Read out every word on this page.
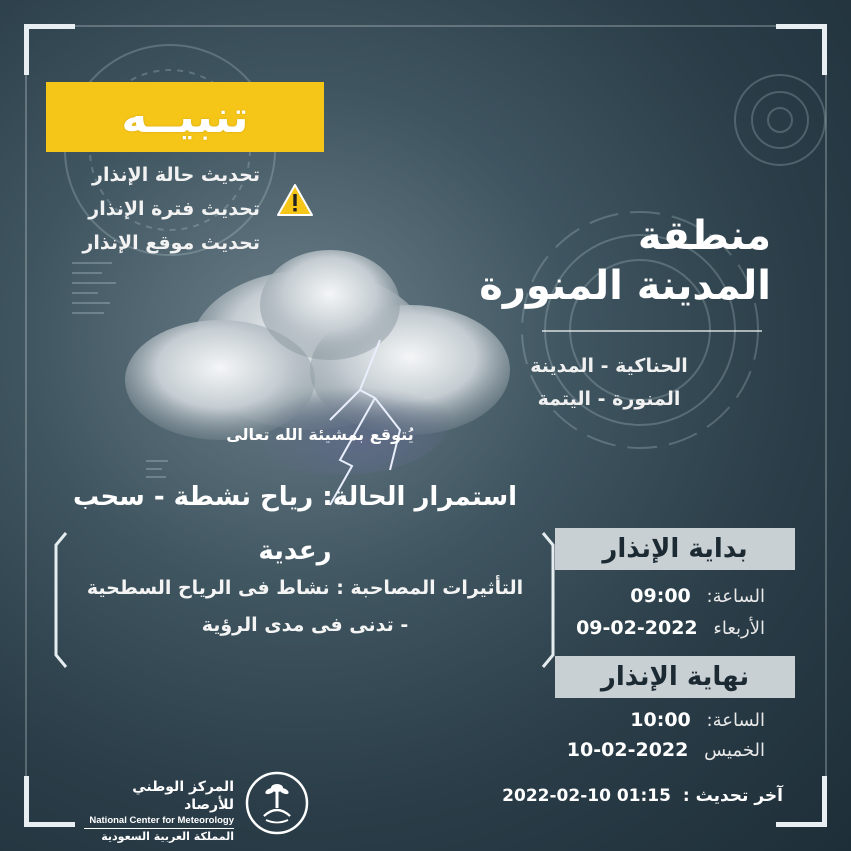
تنبيــه
تحديث حالة الإنذار
تحديث فترة الإنذار
تحديث موقع الإنذار	منطقة
المدينة المنورة
الحناكية - المدينة
المنورة - اليتمة
يُتوقع بمشيئة الله تعالى
استمرار الحالة: رياح نشطة - سحب
رعدية
التأثيرات المصاحبة : نشاط فى الرياح السطحية
- تدنى فى مدى الرؤية
بداية الإنذار
الساعة: 09:00
الأربعاء 2022-02-09
نهاية الإنذار
الساعة: 10:00
الخميس 2022-02-10
آخر تحديث : 2022-02-10 01:15
المركز الوطني للأرصاد
National Center for Meteorology
المملكة العربية السعودية
